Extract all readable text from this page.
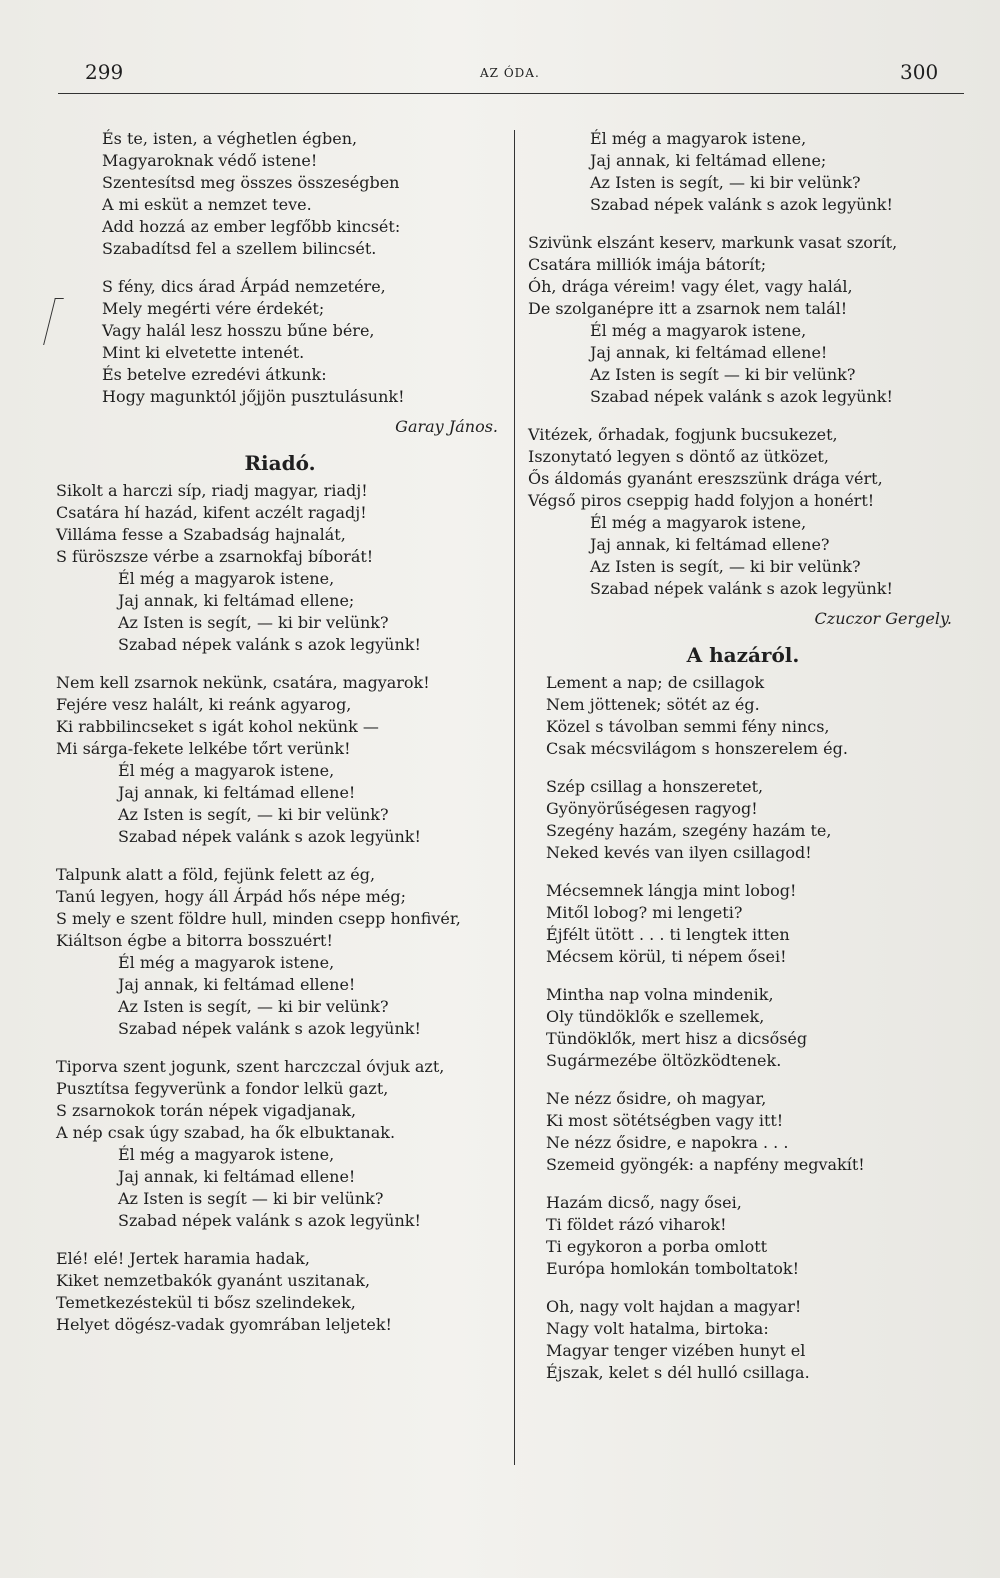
299	AZ ÓDA.	300
És te, isten, a véghetlen égben,
Magyaroknak védő istene!
Szentesítsd meg összes összeségben
A mi esküt a nemzet teve.
Add hozzá az ember legfőbb kincsét:
Szabadítsd fel a szellem bilincsét.
S fény, dics árad Árpád nemzetére,
Mely megérti vére érdekét;
Vagy halál lesz hosszu bűne bére,
Mint ki elvetette intenét.
És betelve ezredévi átkunk:
Hogy magunktól jőjjön pusztulásunk!
Garay János.
Riadó.
Sikolt a harczi síp, riadj magyar, riadj!
Csatára hí hazád, kifent aczélt ragadj!
Villáma fesse a Szabadság hajnalát,
S füröszsze vérbe a zsarnokfaj bíborát!
Él még a magyarok istene,
Jaj annak, ki feltámad ellene;
Az Isten is segít, — ki bir velünk?
Szabad népek valánk s azok legyünk!
Nem kell zsarnok nekünk, csatára, magyarok!
Fejére vesz halált, ki reánk agyarog,
Ki rabbilincseket s igát kohol nekünk —
Mi sárga-fekete lelkébe tőrt verünk!
Él még a magyarok istene,
Jaj annak, ki feltámad ellene!
Az Isten is segít, — ki bir velünk?
Szabad népek valánk s azok legyünk!
Talpunk alatt a föld, fejünk felett az ég,
Tanú legyen, hogy áll Árpád hős népe még;
S mely e szent földre hull, minden csepp honfivér,
Kiáltson égbe a bitorra bosszuért!
Él még a magyarok istene,
Jaj annak, ki feltámad ellene!
Az Isten is segít, — ki bir velünk?
Szabad népek valánk s azok legyünk!
Tiporva szent jogunk, szent harczczal óvjuk azt,
Pusztítsa fegyverünk a fondor lelkü gazt,
S zsarnokok torán népek vigadjanak,
A nép csak úgy szabad, ha ők elbuktanak.
Él még a magyarok istene,
Jaj annak, ki feltámad ellene!
Az Isten is segít — ki bir velünk?
Szabad népek valánk s azok legyünk!
Elé! elé! Jertek haramia hadak,
Kiket nemzetbakók gyanánt uszitanak,
Temetkezéstekül ti bősz szelindekek,
Helyet dögész-vadak gyomrában leljetek!
Él még a magyarok istene,
Jaj annak, ki feltámad ellene;
Az Isten is segít, — ki bir velünk?
Szabad népek valánk s azok legyünk!
Szivünk elszánt keserv, markunk vasat szorít,
Csatára milliók imája bátorít;
Óh, drága véreim! vagy élet, vagy halál,
De szolganépre itt a zsarnok nem talál!
Él még a magyarok istene,
Jaj annak, ki feltámad ellene!
Az Isten is segít — ki bir velünk?
Szabad népek valánk s azok legyünk!
Vitézek, őrhadak, fogjunk bucsukezet,
Iszonytató legyen s döntő az ütközet,
Ős áldomás gyanánt ereszszünk drága vért,
Végső piros cseppig hadd folyjon a honért!
Él még a magyarok istene,
Jaj annak, ki feltámad ellene?
Az Isten is segít, — ki bir velünk?
Szabad népek valánk s azok legyünk!
Czuczor Gergely.
A hazáról.
Lement a nap; de csillagok
Nem jöttenek; sötét az ég.
Közel s távolban semmi fény nincs,
Csak mécsvilágom s honszerelem ég.
Szép csillag a honszeretet,
Gyönyörűségesen ragyog!
Szegény hazám, szegény hazám te,
Neked kevés van ilyen csillagod!
Mécsemnek lángja mint lobog!
Mitől lobog? mi lengeti?
Éjfélt ütött . . . ti lengtek itten
Mécsem körül, ti népem ősei!
Mintha nap volna mindenik,
Oly tündöklők e szellemek,
Tündöklők, mert hisz a dicsőség
Sugármezébe öltözködtenek.
Ne nézz ősidre, oh magyar,
Ki most sötétségben vagy itt!
Ne nézz ősidre, e napokra . . .
Szemeid gyöngék: a napfény megvakít!
Hazám dicső, nagy ősei,
Ti földet rázó viharok!
Ti egykoron a porba omlott
Európa homlokán tomboltatok!
Oh, nagy volt hajdan a magyar!
Nagy volt hatalma, birtoka:
Magyar tenger vizében hunyt el
Éjszak, kelet s dél hulló csillaga.
